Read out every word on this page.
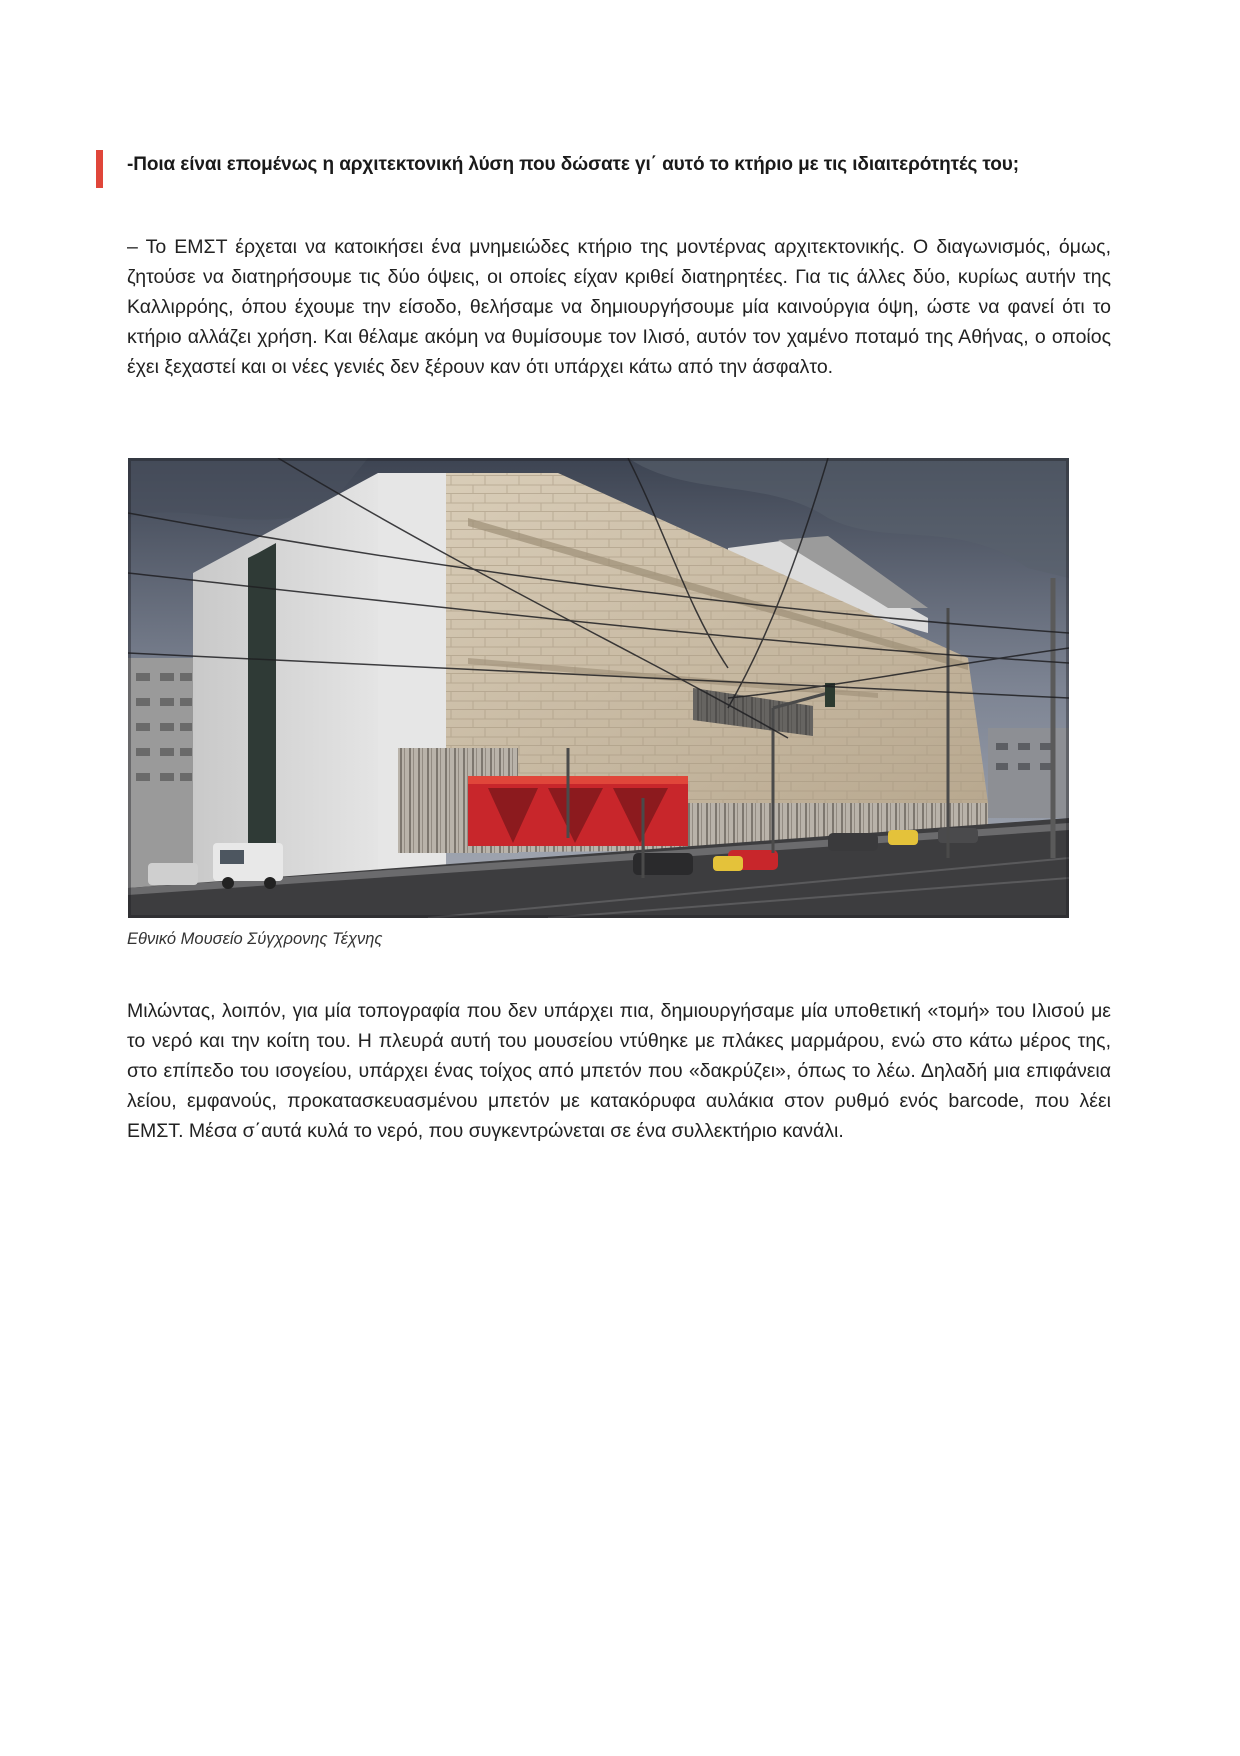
-Ποια είναι επομένως η αρχιτεκτονική λύση που δώσατε γι΄ αυτό το κτήριο με τις ιδιαιτερότητές του;
– Το ΕΜΣΤ έρχεται να κατοικήσει ένα μνημειώδες κτήριο της μοντέρνας αρχιτεκτονικής. Ο διαγωνισμός, όμως, ζητούσε να διατηρήσουμε τις δύο όψεις, οι οποίες είχαν κριθεί διατηρητέες. Για τις άλλες δύο, κυρίως αυτήν της Καλλιρρόης, όπου έχουμε την είσοδο, θελήσαμε να δημιουργήσουμε μία καινούργια όψη, ώστε να φανεί ότι το κτήριο αλλάζει χρήση. Και θέλαμε ακόμη να θυμίσουμε τον Ιλισό, αυτόν τον χαμένο ποταμό της Αθήνας, ο οποίος έχει ξεχαστεί και οι νέες γενιές δεν ξέρουν καν ότι υπάρχει κάτω από την άσφαλτο.
Εθνικό Μουσείο Σύγχρονης Τέχνης
Μιλώντας, λοιπόν, για μία τοπογραφία που δεν υπάρχει πια, δημιουργήσαμε μία υποθετική «τομή» του Ιλισού με το νερό και την κοίτη του. Η πλευρά αυτή του μουσείου ντύθηκε με πλάκες μαρμάρου, ενώ στο κάτω μέρος της, στο επίπεδο του ισογείου, υπάρχει ένας τοίχος από μπετόν που «δακρύζει», όπως το λέω. Δηλαδή μια επιφάνεια λείου, εμφανούς, προκατασκευασμένου μπετόν με κατακόρυφα αυλάκια στον ρυθμό ενός barcode, που λέει ΕΜΣΤ. Μέσα σ΄αυτά κυλά το νερό, που συγκεντρώνεται σε ένα συλλεκτήριο κανάλι.
